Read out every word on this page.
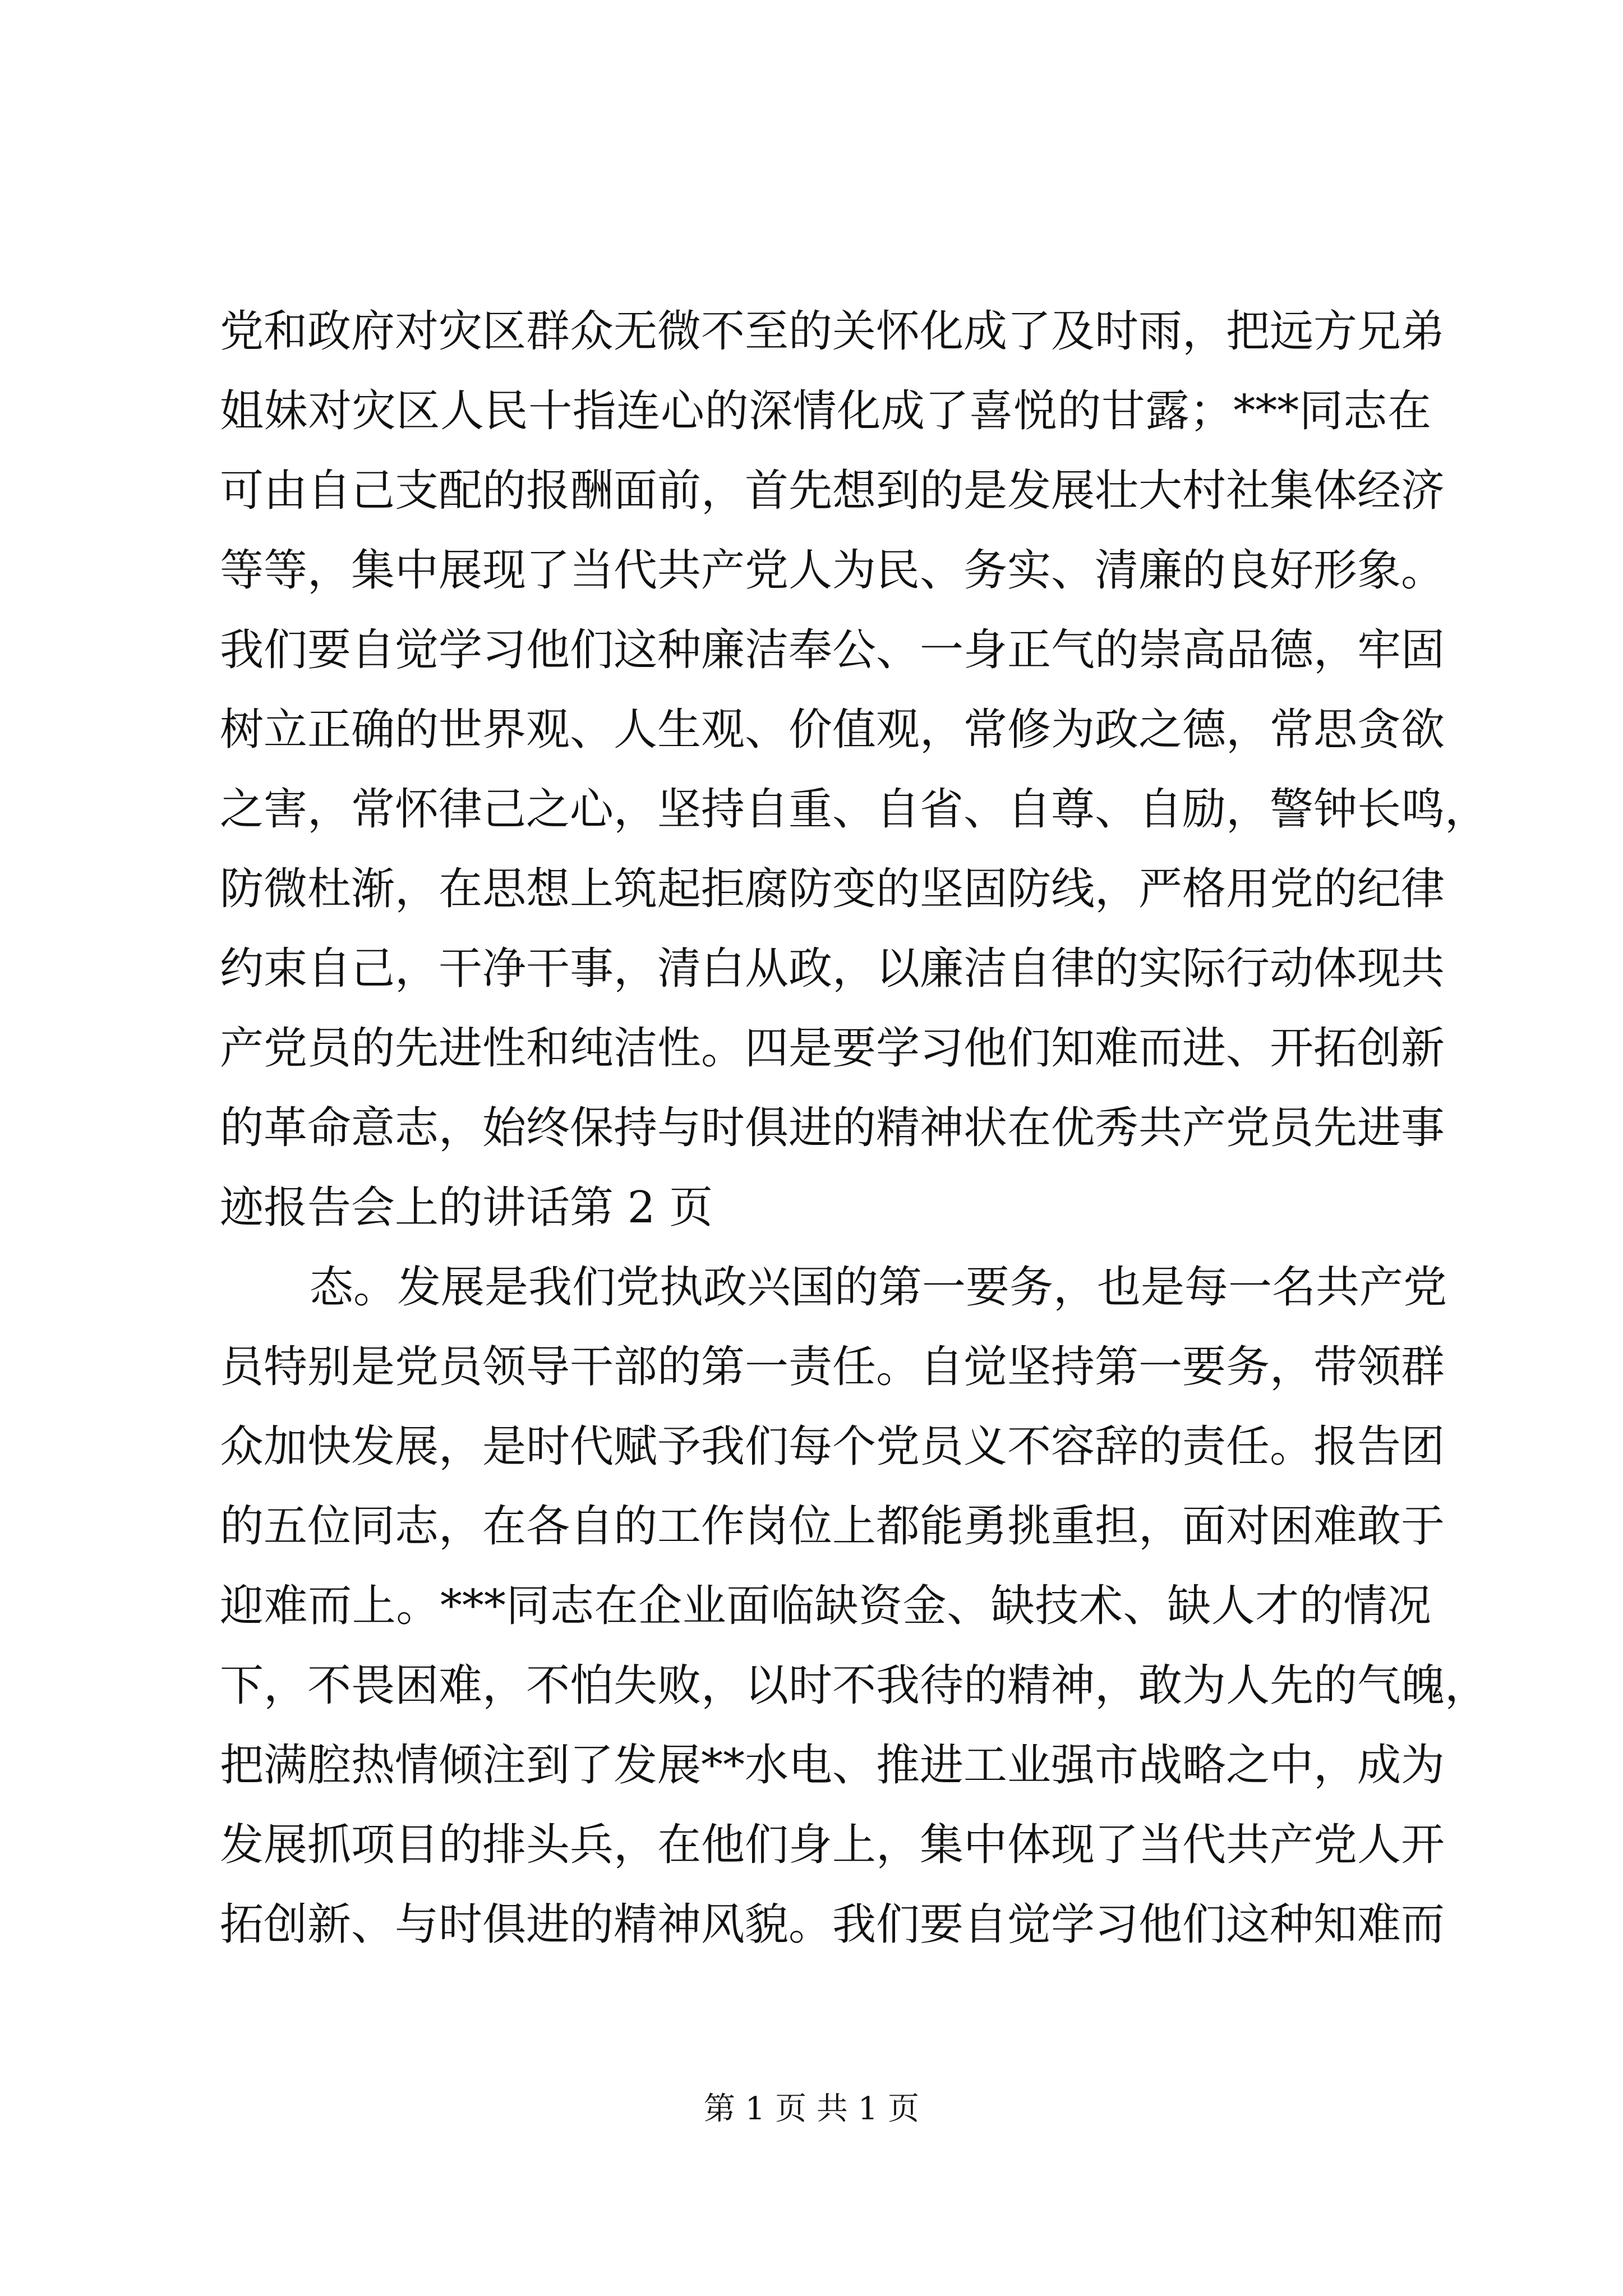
党和政府对灾区群众无微不至的关怀化成了及时雨，把远方兄弟
姐妹对灾区人民十指连心的深情化成了喜悦的甘露；***同志在
可由自己支配的报酬面前，首先想到的是发展壮大村社集体经济
等等，集中展现了当代共产党人为民、务实、清廉的良好形象。
我们要自觉学习他们这种廉洁奉公、一身正气的崇高品德，牢固
树立正确的世界观、人生观、价值观，常修为政之德，常思贪欲
之害，常怀律己之心，坚持自重、自省、自尊、自励，警钟长鸣，
防微杜渐，在思想上筑起拒腐防变的坚固防线，严格用党的纪律
约束自己，干净干事，清白从政，以廉洁自律的实际行动体现共
产党员的先进性和纯洁性。四是要学习他们知难而进、开拓创新
的革命意志，始终保持与时俱进的精神状在优秀共产党员先进事
迹报告会上的讲话第 2 页
态。发展是我们党执政兴国的第一要务，也是每一名共产党
员特别是党员领导干部的第一责任。自觉坚持第一要务，带领群
众加快发展，是时代赋予我们每个党员义不容辞的责任。报告团
的五位同志，在各自的工作岗位上都能勇挑重担，面对困难敢于
迎难而上。***同志在企业面临缺资金、缺技术、缺人才的情况
下，不畏困难，不怕失败，以时不我待的精神，敢为人先的气魄，
把满腔热情倾注到了发展**水电、推进工业强市战略之中，成为
发展抓项目的排头兵，在他们身上，集中体现了当代共产党人开
拓创新、与时俱进的精神风貌。我们要自觉学习他们这种知难而
第 1 页 共 1 页
